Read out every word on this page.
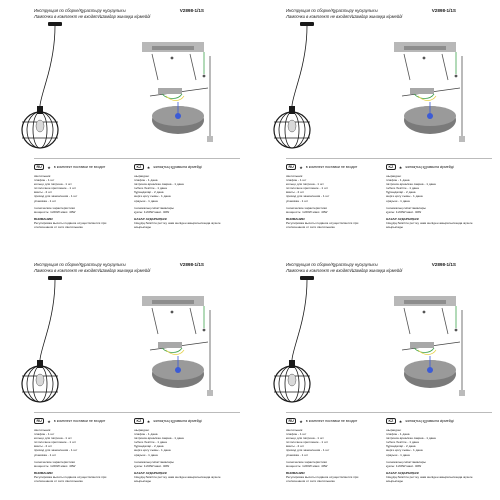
Инструкция по сборке/Құрастыру нұсқаулығы	V2898-1/1S
Лампочки в комплект не входят/Шамдар жинаққа кірмейді
RU	★ в комплект поставки не входит	KZ	★ жинақтың құрамына кірмейді
светильник:
плафон - 1 шт
кольцо для патрона - 1 шт
потолочное крепление - 1 шт
винты - 2 шт
провод для заземления - 1 шт
упаковка - 1 шт
технические характеристики
мощность: 1x60W макс. 40W
ВНИМАНИЕ!
Регулировка высоты подвеса осуществляется при отключенном от сети светильнике
шырағдан:
плафон - 1 дана
патронға арналған сақина - 1 дана
төбеге бекітпе - 1 дана
бұрандалар - 2 дана
жерге қосу сымы - 1 дана
орауыш - 1 дана
техникалық сипаттамалары
қуаты: 1x60W макс. 40W
НАЗАР АУДАРЫҢЫЗ!
Ілінудің биіктігін реттеу шам желіден ажыратылғанда жүзеге асырылады
Инструкция по сборке/Құрастыру нұсқаулығы	V2898-1/1S
Лампочки в комплект не входят/Шамдар жинаққа кірмейді
RU	★ в комплект поставки не входит	KZ	★ жинақтың құрамына кірмейді
светильник:
плафон - 1 шт
кольцо для патрона - 1 шт
потолочное крепление - 1 шт
винты - 2 шт
провод для заземления - 1 шт
упаковка - 1 шт
технические характеристики
мощность: 1x60W макс. 40W
ВНИМАНИЕ!
Регулировка высоты подвеса осуществляется при отключенном от сети светильнике
шырағдан:
плафон - 1 дана
патронға арналған сақина - 1 дана
төбеге бекітпе - 1 дана
бұрандалар - 2 дана
жерге қосу сымы - 1 дана
орауыш - 1 дана
техникалық сипаттамалары
қуаты: 1x60W макс. 40W
НАЗАР АУДАРЫҢЫЗ!
Ілінудің биіктігін реттеу шам желіден ажыратылғанда жүзеге асырылады
Инструкция по сборке/Құрастыру нұсқаулығы	V2898-1/1S
Лампочки в комплект не входят/Шамдар жинаққа кірмейді
RU	★ в комплект поставки не входит	KZ	★ жинақтың құрамына кірмейді
светильник:
плафон - 1 шт
кольцо для патрона - 1 шт
потолочное крепление - 1 шт
винты - 2 шт
провод для заземления - 1 шт
упаковка - 1 шт
технические характеристики
мощность: 1x60W макс. 40W
ВНИМАНИЕ!
Регулировка высоты подвеса осуществляется при отключенном от сети светильнике
шырағдан:
плафон - 1 дана
патронға арналған сақина - 1 дана
төбеге бекітпе - 1 дана
бұрандалар - 2 дана
жерге қосу сымы - 1 дана
орауыш - 1 дана
техникалық сипаттамалары
қуаты: 1x60W макс. 40W
НАЗАР АУДАРЫҢЫЗ!
Ілінудің биіктігін реттеу шам желіден ажыратылғанда жүзеге асырылады
Инструкция по сборке/Құрастыру нұсқаулығы	V2898-1/1S
Лампочки в комплект не входят/Шамдар жинаққа кірмейді
RU	★ в комплект поставки не входит	KZ	★ жинақтың құрамына кірмейді
светильник:
плафон - 1 шт
кольцо для патрона - 1 шт
потолочное крепление - 1 шт
винты - 2 шт
провод для заземления - 1 шт
упаковка - 1 шт
технические характеристики
мощность: 1x60W макс. 40W
ВНИМАНИЕ!
Регулировка высоты подвеса осуществляется при отключенном от сети светильнике
шырағдан:
плафон - 1 дана
патронға арналған сақина - 1 дана
төбеге бекітпе - 1 дана
бұрандалар - 2 дана
жерге қосу сымы - 1 дана
орауыш - 1 дана
техникалық сипаттамалары
қуаты: 1x60W макс. 40W
НАЗАР АУДАРЫҢЫЗ!
Ілінудің биіктігін реттеу шам желіден ажыратылғанда жүзеге асырылады
